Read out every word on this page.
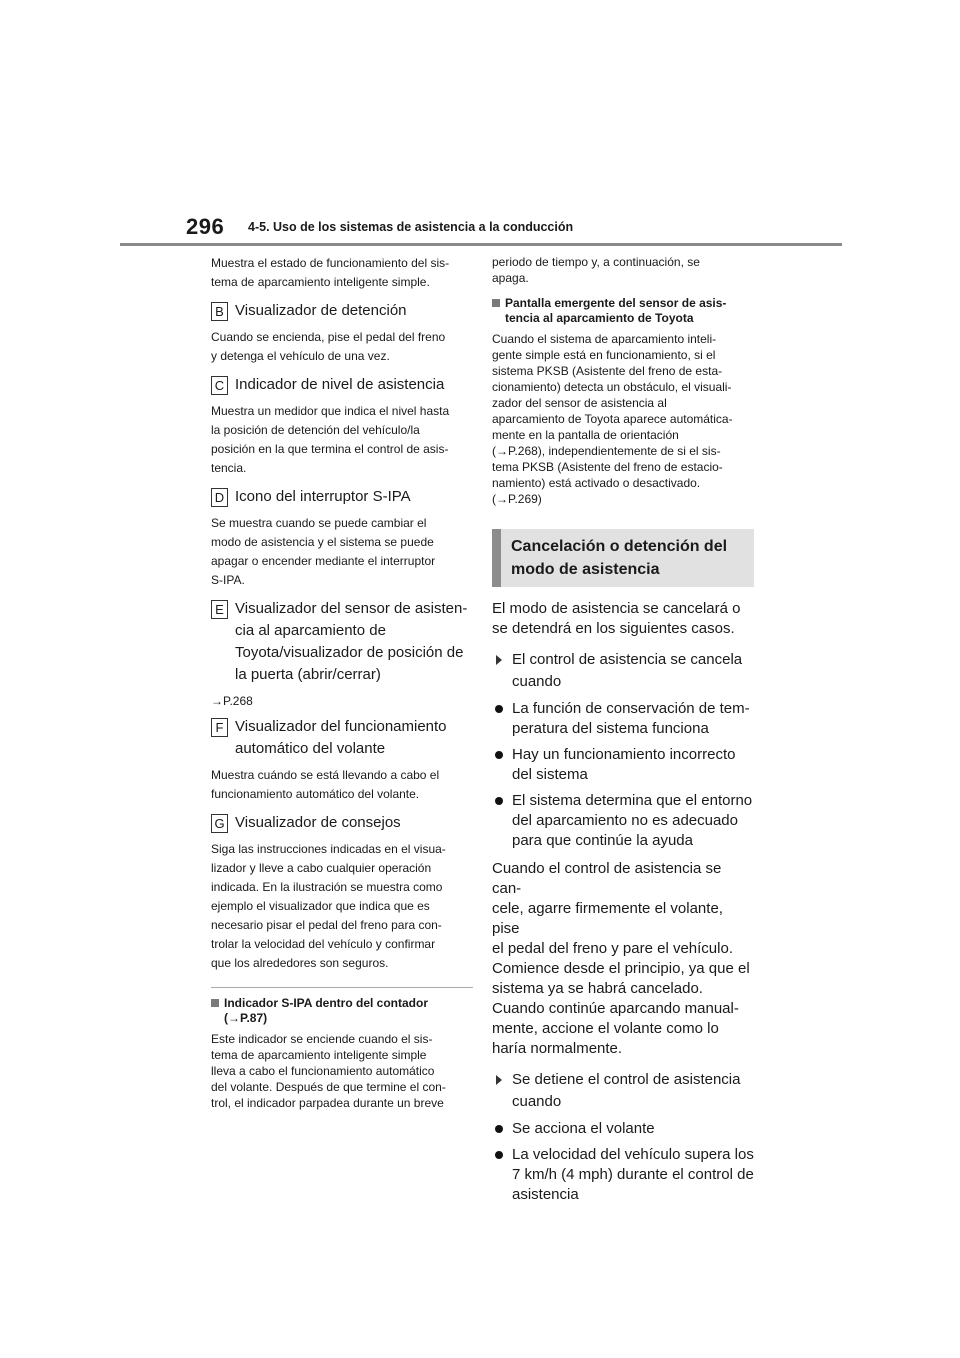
296 4-5. Uso de los sistemas de asistencia a la conducción

Muestra el estado de funcionamiento del sis-

tema de aparcamiento inteligente simple.

B Visualizador de detención

Cuando se encienda, pise el pedal del freno

y detenga el vehículo de una vez.

C Indicador de nivel de asistencia

Muestra un medidor que indica el nivel hasta

la posición de detención del vehículo/la

posición en la que termina el control de asis-

tencia.

D Icono del interruptor S-IPA

Se muestra cuando se puede cambiar el

modo de asistencia y el sistema se puede

apagar o encender mediante el interruptor

S-IPA.

E Visualizador del sensor de asisten-
cia al aparcamiento de
Toyota/visualizador de posición de
la puerta (abrir/cerrar)
→P.268
F Visualizador del funcionamiento
automático del volante

Muestra cuándo se está llevando a cabo el

funcionamiento automático del volante.

G Visualizador de consejos

Siga las instrucciones indicadas en el visua-

lizador y lleve a cabo cualquier operación

indicada. En la ilustración se muestra como

ejemplo el visualizador que indica que es

necesario pisar el pedal del freno para con-

trolar la velocidad del vehículo y confirmar

que los alrededores son seguros.

Indicador S-IPA dentro del contador
(→P.87)

Este indicador se enciende cuando el sis-

tema de aparcamiento inteligente simple

lleva a cabo el funcionamiento automático

del volante. Después de que termine el con-

trol, el indicador parpadea durante un breve

periodo de tiempo y, a continuación, se

apaga.

Pantalla emergente del sensor de asis-
tencia al aparcamiento de Toyota

Cuando el sistema de aparcamiento inteli-

gente simple está en funcionamiento, si el

sistema PKSB (Asistente del freno de esta-

cionamiento) detecta un obstáculo, el visuali-

zador del sensor de asistencia al

aparcamiento de Toyota aparece automática-

mente en la pantalla de orientación

(→P.268), independientemente de si el sis-

tema PKSB (Asistente del freno de estacio-

namiento) está activado o desactivado.

(→P.269)

Cancelación o detención del
modo de asistencia

El modo de asistencia se cancelará o

se detendrá en los siguientes casos.

El control de asistencia se cancela
cuando
La función de conservación de tem-
peratura del sistema funciona
Hay un funcionamiento incorrecto
del sistema
El sistema determina que el entorno
del aparcamiento no es adecuado
para que continúe la ayuda

Cuando el control de asistencia se can-

cele, agarre firmemente el volante, pise

el pedal del freno y pare el vehículo.

Comience desde el principio, ya que el

sistema ya se habrá cancelado.

Cuando continúe aparcando manual-

mente, accione el volante como lo

haría normalmente.

Se detiene el control de asistencia
cuando
Se acciona el volante
La velocidad del vehículo supera los
7 km/h (4 mph) durante el control de
asistencia
